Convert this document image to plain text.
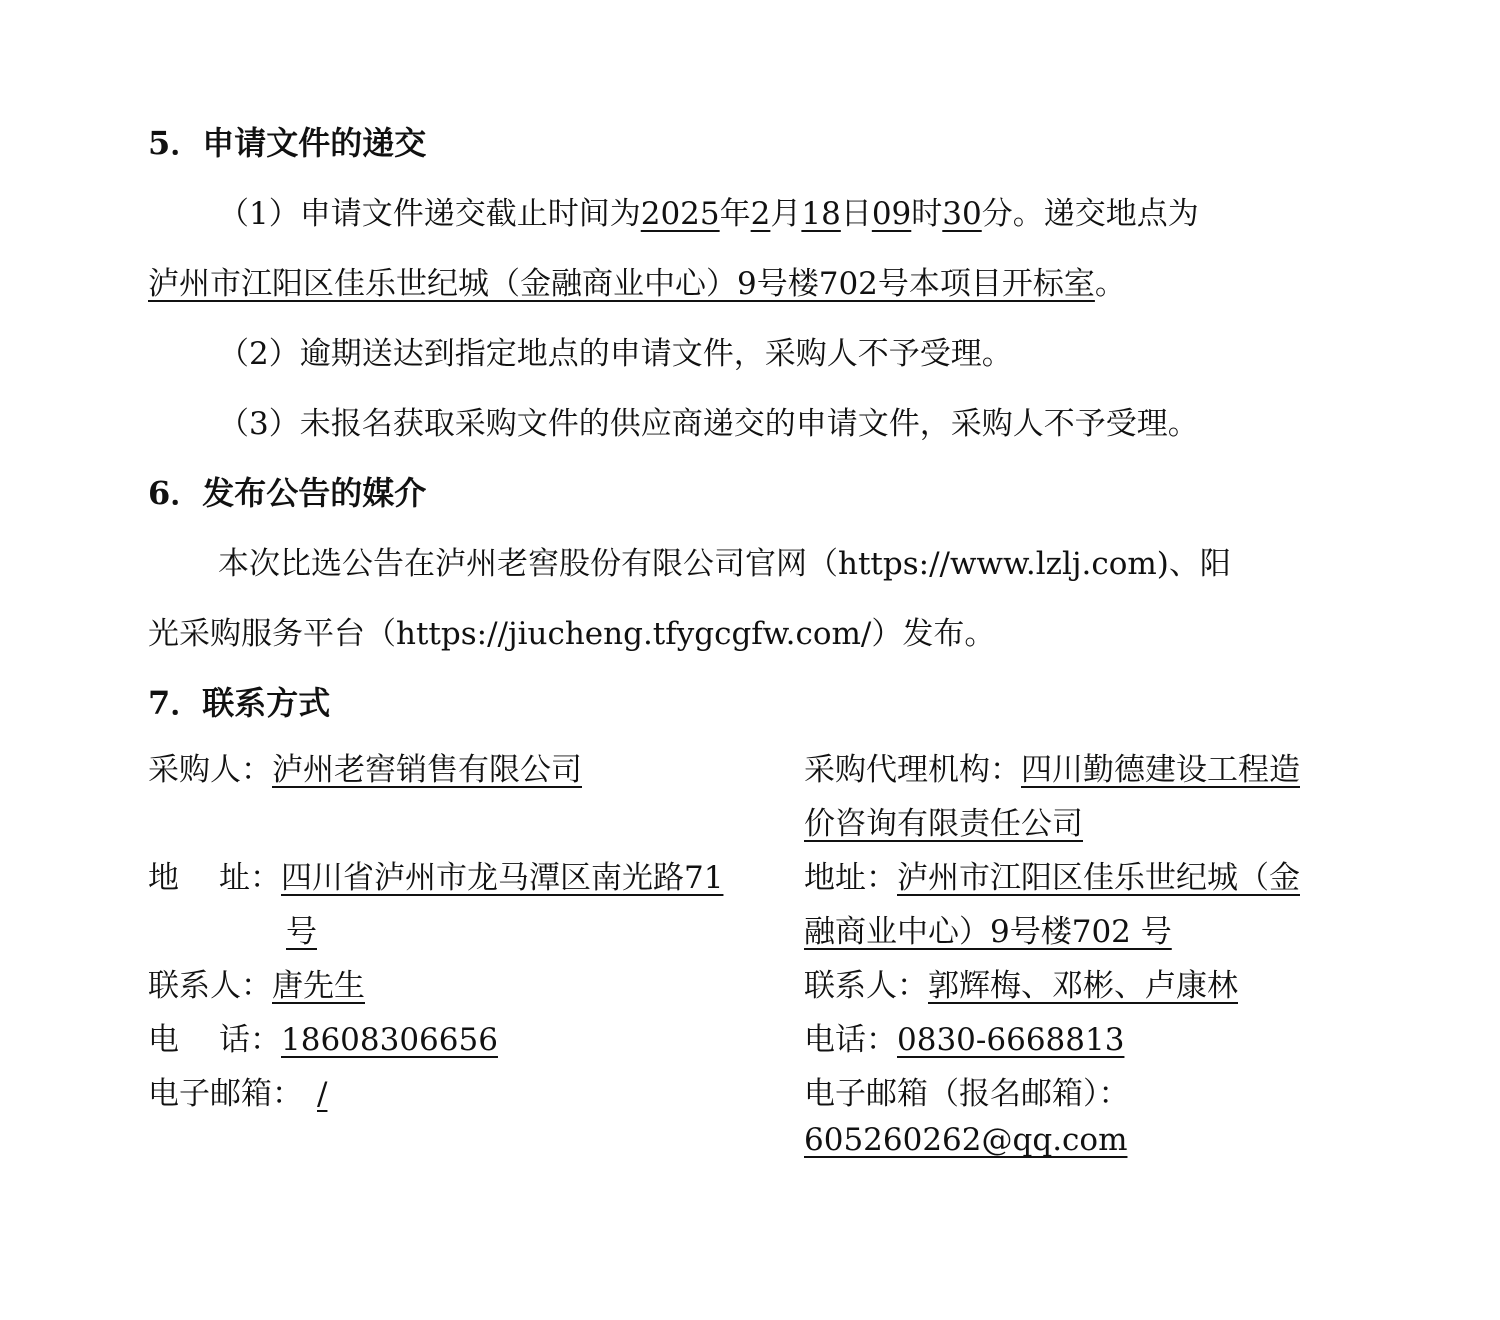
5．申请文件的递交
（1）申请文件递交截止时间为2025年2月18日09时30分。递交地点为
泸州市江阳区佳乐世纪城（金融商业中心）9号楼702号本项目开标室。
（2）逾期送达到指定地点的申请文件，采购人不予受理。
（3）未报名获取采购文件的供应商递交的申请文件，采购人不予受理。
6．发布公告的媒介
本次比选公告在泸州老窖股份有限公司官网（https://www.lzlj.com)、阳
光采购服务平台（https://jiucheng.tfygcgfw.com/）发布。
7．联系方式
采购人：泸州老窖销售有限公司
地 址：四川省泸州市龙马潭区南光路71
号
联系人：唐先生
电 话：18608306656
电子邮箱： /
采购代理机构：四川勤德建设工程造
价咨询有限责任公司
地址：泸州市江阳区佳乐世纪城（金
融商业中心）9号楼702 号
联系人：郭辉梅、邓彬、卢康林
电话：0830-6668813
电子邮箱（报名邮箱）：
605260262@qq.com
